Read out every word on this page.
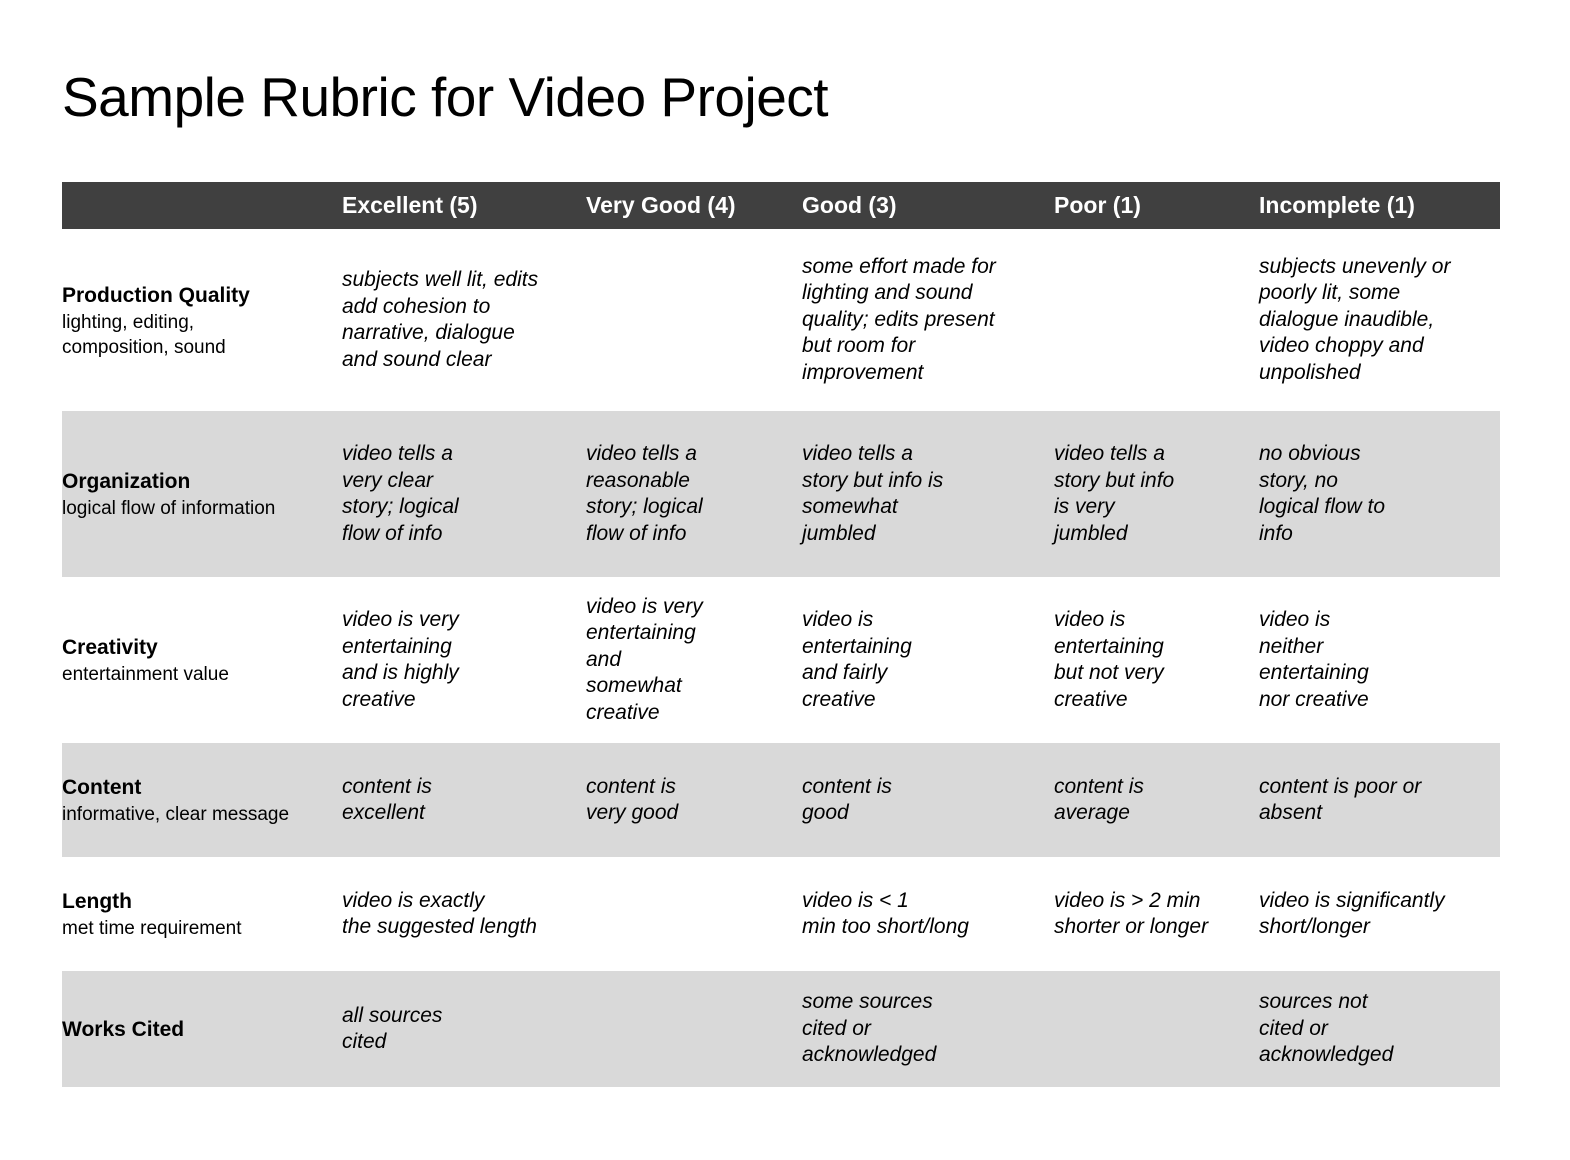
Sample Rubric for Video Project
	Excellent (5)	Very Good (4)	Good (3)	Poor (1)	Incomplete (1)

Production Quality
lighting, editing,
composition, sound	subjects well lit, edits
add cohesion to
narrative, dialogue
and sound clear		some effort made for
lighting and sound
quality; edits present
but room for
improvement		subjects unevenly or
poorly lit, some
dialogue inaudible,
video choppy and
unpolished

Organization
logical flow of information	video tells a
very clear
story; logical
flow of info	video tells a
reasonable
story; logical
flow of info	video tells a
story but info is
somewhat
jumbled	video tells a
story but info
is very
jumbled	no obvious
story, no
logical flow to
info

Creativity
entertainment value	video is very
entertaining
and is highly
creative	video is very
entertaining
and
somewhat
creative	video is
entertaining
and fairly
creative	video is
entertaining
but not very
creative	video is
neither
entertaining
nor creative

Content
informative, clear message	content is
excellent	content is
very good	content is
good	content is
average	content is poor or
absent

Length
met time requirement	video is exactly
the suggested length		video is < 1
min too short/long	video is > 2 min
shorter or longer	video is significantly
short/longer

Works Cited	all sources
cited		some sources
cited or
acknowledged		sources not
cited or
acknowledged
